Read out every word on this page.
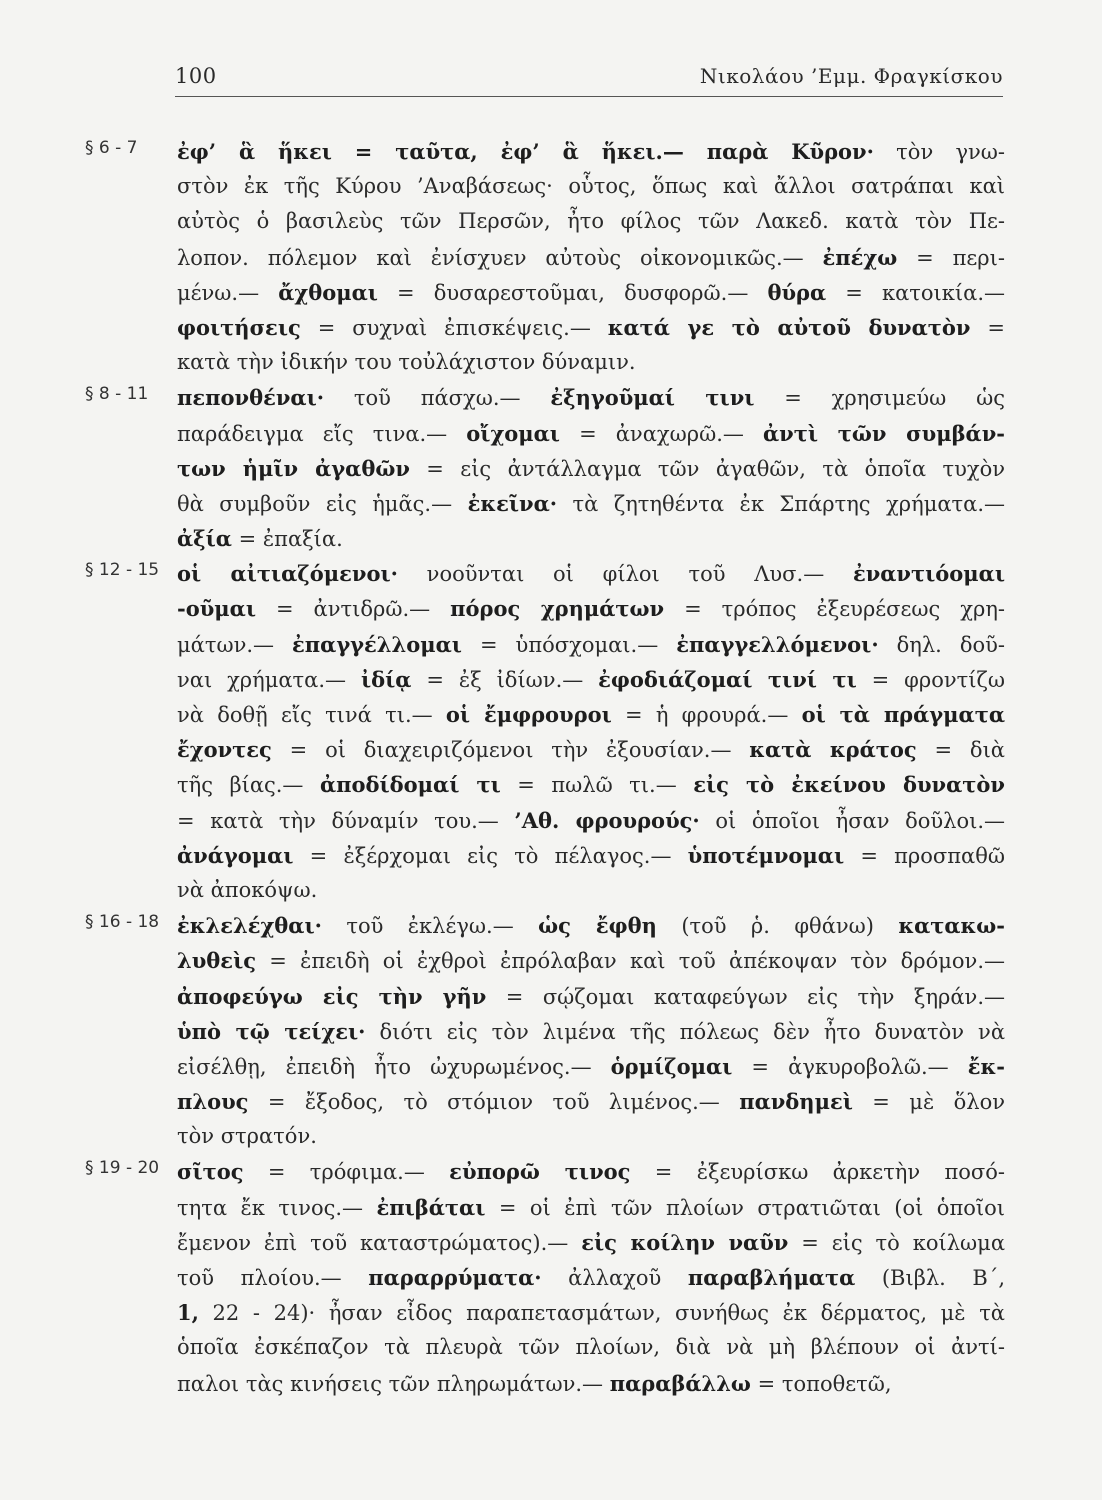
100	Νικολάου ’Εμμ. Φραγκίσκου
§ 6 - 7 ἐφ’ ἃ ἥκει = ταῦτα, ἐφ’ ἃ ἥκει.— παρὰ Κῦρον· τὸν γνω-
στὸν ἐκ τῆς Κύρου ’Αναβάσεως· οὗτος, ὅπως καὶ ἄλλοι σατράπαι καὶ
αὐτὸς ὁ βασιλεὺς τῶν Περσῶν, ἦτο φίλος τῶν Λακεδ. κατὰ τὸν Πε-
λοπον. πόλεμον καὶ ἐνίσχυεν αὐτοὺς οἰκονομικῶς.— ἐπέχω = περι-
μένω.— ἄχθομαι = δυσαρεστοῦμαι, δυσφορῶ.— θύρα = κατοικία.—
φοιτήσεις = συχναὶ ἐπισκέψεις.— κατά γε τὸ αὐτοῦ δυνατὸν =
κατὰ τὴν ἰδικήν του τοὐλάχιστον δύναμιν.
§ 8 - 11 πεπονθέναι· τοῦ πάσχω.— ἐξηγοῦμαί τινι = χρησιμεύω ὡς
παράδειγμα εἴς τινα.— οἴχομαι = ἀναχωρῶ.— ἀντὶ τῶν συμβάν-
των ἡμῖν ἀγαθῶν = εἰς ἀντάλλαγμα τῶν ἀγαθῶν, τὰ ὁποῖα τυχὸν
θὰ συμβοῦν εἰς ἡμᾶς.— ἐκεῖνα· τὰ ζητηθέντα ἐκ Σπάρτης χρήματα.—
ἀξία = ἐπαξία.
§ 12 - 15 οἱ αἰτιαζόμενοι· νοοῦνται οἱ φίλοι τοῦ Λυσ.— ἐναντιόομαι
-οῦμαι = ἀντιδρῶ.— πόρος χρημάτων = τρόπος ἐξευρέσεως χρη-
μάτων.— ἐπαγγέλλομαι = ὑπόσχομαι.— ἐπαγγελλόμενοι· δηλ. δοῦ-
ναι χρήματα.— ἰδίᾳ = ἐξ ἰδίων.— ἐφοδιάζομαί τινί τι = φροντίζω
νὰ δοθῇ εἴς τινά τι.— οἱ ἔμφρουροι = ἡ φρουρά.— οἱ τὰ πράγματα
ἔχοντες = οἱ διαχειριζόμενοι τὴν ἐξουσίαν.— κατὰ κράτος = διὰ
τῆς βίας.— ἀποδίδομαί τι = πωλῶ τι.— εἰς τὸ ἐκείνου δυνατὸν
= κατὰ τὴν δύναμίν του.— ’Αθ. φρουρούς· οἱ ὁποῖοι ἦσαν δοῦλοι.—
ἀνάγομαι = ἐξέρχομαι εἰς τὸ πέλαγος.— ὑποτέμνομαι = προσπαθῶ
νὰ ἀποκόψω.
§ 16 - 18 ἐκλελέχθαι· τοῦ ἐκλέγω.— ὡς ἔφθη (τοῦ ῥ. φθάνω) κατακω-
λυθεὶς = ἐπειδὴ οἱ ἐχθροὶ ἐπρόλαβαν καὶ τοῦ ἀπέκοψαν τὸν δρόμον.—
ἀποφεύγω εἰς τὴν γῆν = σῴζομαι καταφεύγων εἰς τὴν ξηράν.—
ὑπὸ τῷ τείχει· διότι εἰς τὸν λιμένα τῆς πόλεως δὲν ἦτο δυνατὸν νὰ
εἰσέλθῃ, ἐπειδὴ ἦτο ὠχυρωμένος.— ὁρμίζομαι = ἀγκυροβολῶ.— ἔκ-
πλους = ἔξοδος, τὸ στόμιον τοῦ λιμένος.— πανδημεὶ = μὲ ὅλον
τὸν στρατόν.
§ 19 - 20 σῖτος = τρόφιμα.— εὐπορῶ τινος = ἐξευρίσκω ἀρκετὴν ποσό-
τητα ἔκ τινος.— ἐπιβάται = οἱ ἐπὶ τῶν πλοίων στρατιῶται (οἱ ὁποῖοι
ἔμενον ἐπὶ τοῦ καταστρώματος).— εἰς κοίλην ναῦν = εἰς τὸ κοίλωμα
τοῦ πλοίου.— παραρρύματα· ἀλλαχοῦ παραβλήματα (Βιβλ. Β΄,
1, 22 - 24)· ἦσαν εἶδος παραπετασμάτων, συνήθως ἐκ δέρματος, μὲ τὰ
ὁποῖα ἐσκέπαζον τὰ πλευρὰ τῶν πλοίων, διὰ νὰ μὴ βλέπουν οἱ ἀντί-
παλοι τὰς κινήσεις τῶν πληρωμάτων.— παραβάλλω = τοποθετῶ,
